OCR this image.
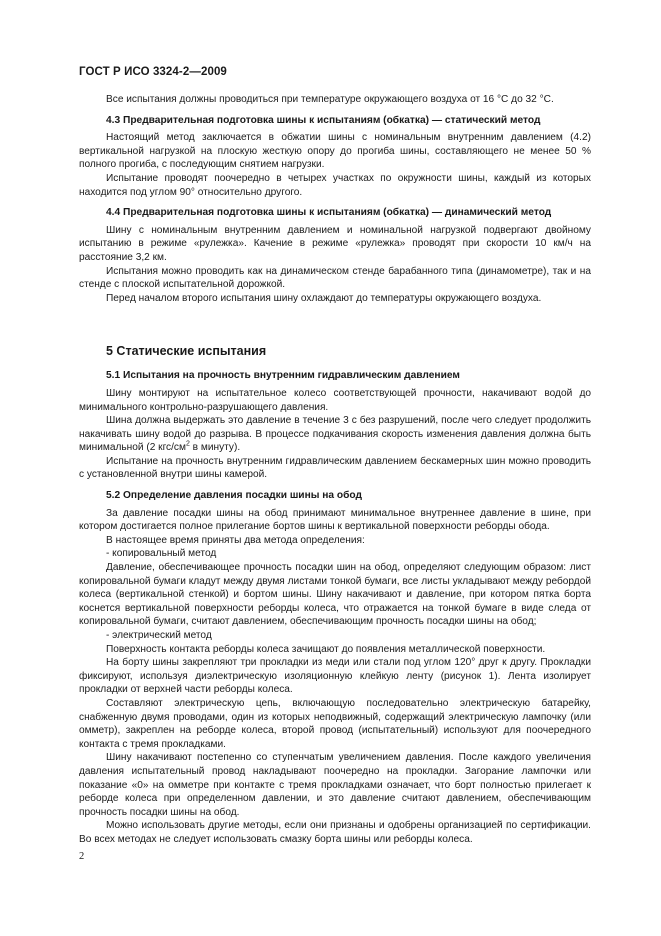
ГОСТ Р ИСО 3324-2—2009

Все испытания должны проводиться при температуре окружающего воздуха от 16 °C до 32 °C.

4.3 Предварительная подготовка шины к испытаниям (обкатка) — статический метод

Настоящий метод заключается в обжатии шины с номинальным внутренним давлением (4.2) вертикальной нагрузкой на плоскую жесткую опору до прогиба шины, составляющего не менее 50 % полного прогиба, с последующим снятием нагрузки.

Испытание проводят поочередно в четырех участках по окружности шины, каждый из которых находится под углом 90° относительно другого.

4.4 Предварительная подготовка шины к испытаниям (обкатка) — динамический метод

Шину с номинальным внутренним давлением и номинальной нагрузкой подвергают двойному испытанию в режиме «рулежка». Качение в режиме «рулежка» проводят при скорости 10 км/ч на расстояние 3,2 км.

Испытания можно проводить как на динамическом стенде барабанного типа (динамометре), так и на стенде с плоской испытательной дорожкой.

Перед началом второго испытания шину охлаждают до температуры окружающего воздуха.

5 Статические испытания
5.1 Испытания на прочность внутренним гидравлическим давлением

Шину монтируют на испытательное колесо соответствующей прочности, накачивают водой до минимального контрольно-разрушающего давления.

Шина должна выдержать это давление в течение 3 с без разрушений, после чего следует продолжить накачивать шину водой до разрыва. В процессе подкачивания скорость изменения давления должна быть минимальной (2 кгс/$см^2$ в минуту).

Испытание на прочность внутренним гидравлическим давлением бескамерных шин можно проводить с установленной внутри шины камерой.

5.2 Определение давления посадки шины на обод

За давление посадки шины на обод принимают минимальное внутреннее давление в шине, при котором достигается полное прилегание бортов шины к вертикальной поверхности реборды обода.

В настоящее время приняты два метода определения:

- копировальный метод

Давление, обеспечивающее прочность посадки шин на обод, определяют следующим образом: лист копировальной бумаги кладут между двумя листами тонкой бумаги, все листы укладывают между ребордой колеса (вертикальной стенкой) и бортом шины. Шину накачивают и давление, при котором пятка борта коснется вертикальной поверхности реборды колеса, что отражается на тонкой бумаге в виде следа от копировальной бумаги, считают давлением, обеспечивающим прочность посадки шины на обод;

- электрический метод

Поверхность контакта реборды колеса зачищают до появления металлической поверхности.

На борту шины закрепляют три прокладки из меди или стали под углом 120° друг к другу. Прокладки фиксируют, используя диэлектрическую изоляционную клейкую ленту (рисунок 1). Лента изолирует прокладки от верхней части реборды колеса.

Составляют электрическую цепь, включающую последовательно электрическую батарейку, снабженную двумя проводами, один из которых неподвижный, содержащий электрическую лампочку (или омметр), закреплен на реборде колеса, второй провод (испытательный) используют для поочередного контакта с тремя прокладками.

Шину накачивают постепенно со ступенчатым увеличением давления. После каждого увеличения давления испытательный провод накладывают поочередно на прокладки. Загорание лампочки или показание «0» на омметре при контакте с тремя прокладками означает, что борт полностью прилегает к реборде колеса при определенном давлении, и это давление считают давлением, обеспечивающим прочность посадки шины на обод.

Можно использовать другие методы, если они признаны и одобрены организацией по сертификации. Во всех методах не следует использовать смазку борта шины или реборды колеса.

2
